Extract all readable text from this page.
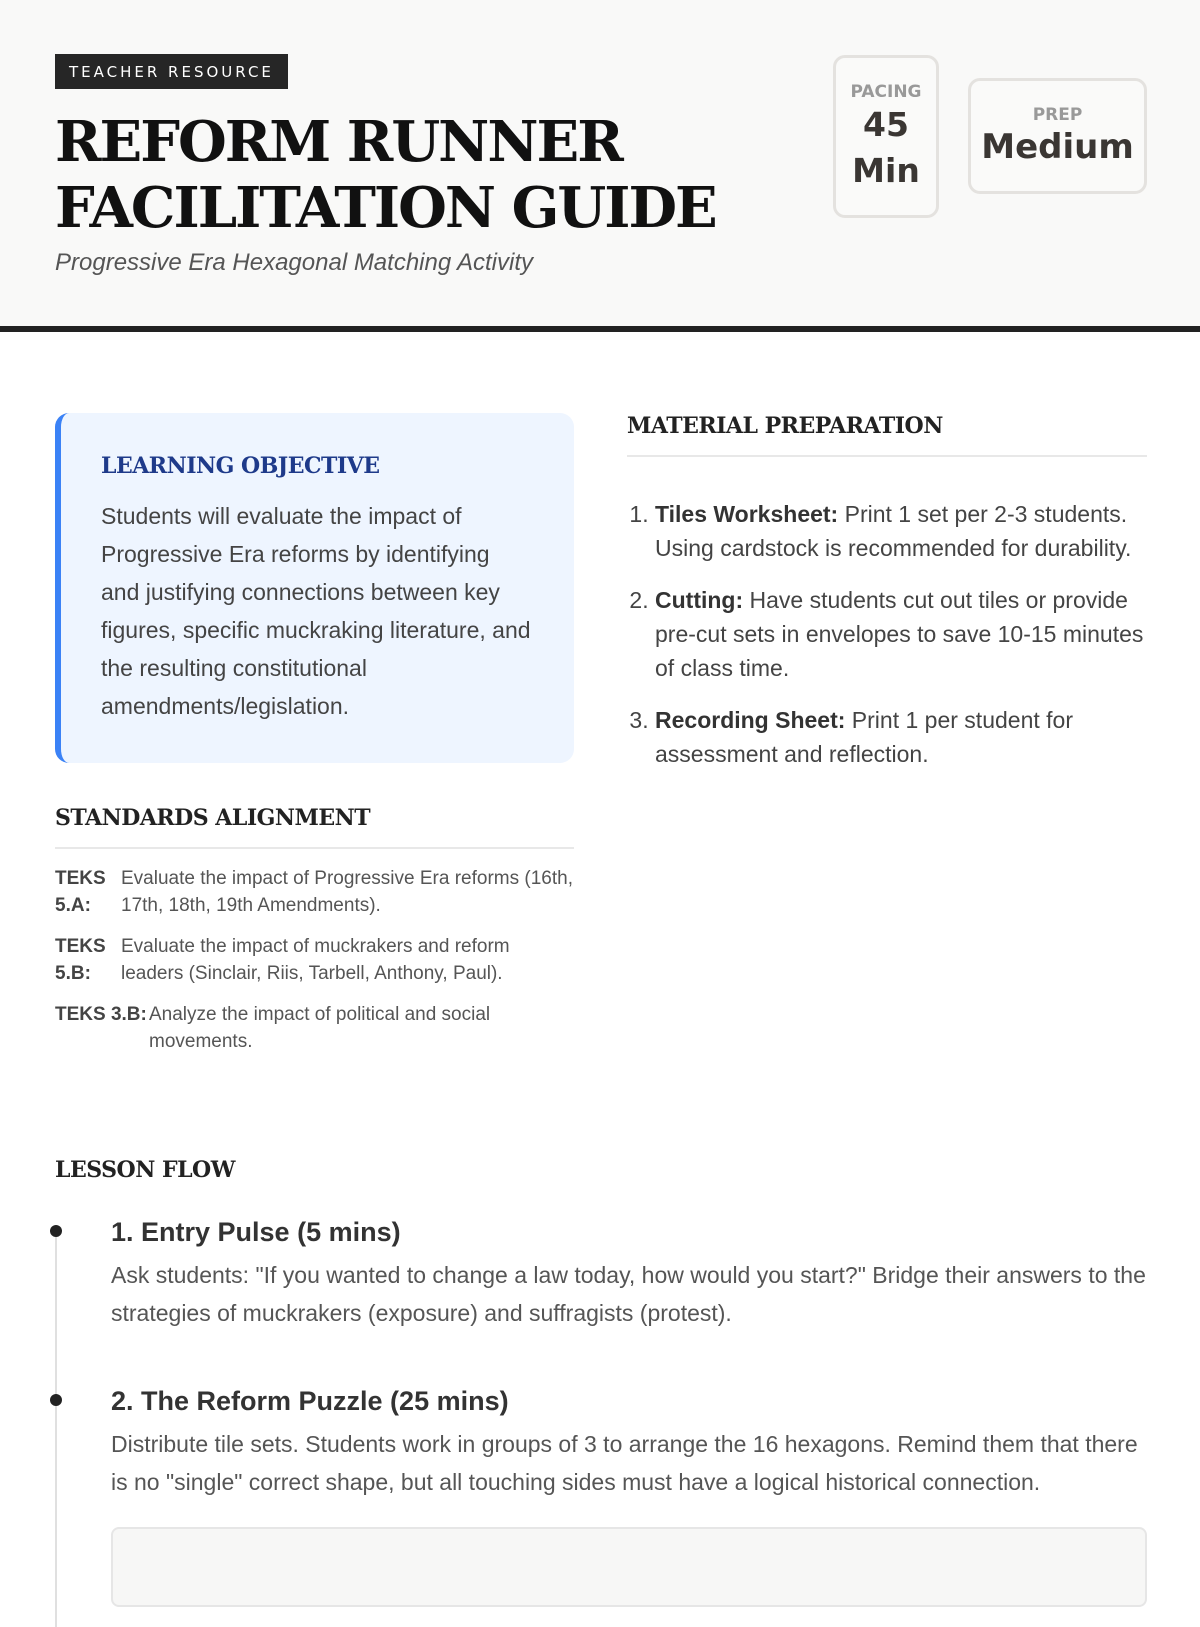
TEACHER RESOURCE
REFORM RUNNER
FACILITATION GUIDE
Progressive Era Hexagonal Matching Activity
PACING
45
Min
PREP
Medium
LEARNING OBJECTIVE

Students will evaluate the impact of Progressive Era reforms by identifying and justifying connections between key figures, specific muckraking literature, and the resulting constitutional amendments/legislation.

STANDARDS ALIGNMENT
TEKS 5.A:
Evaluate the impact of Progressive Era reforms (16th, 17th, 18th, 19th Amendments).
TEKS 5.B:
Evaluate the impact of muckrakers and reform leaders (Sinclair, Riis, Tarbell, Anthony, Paul).
TEKS 3.B: Analyze the impact of political and social movements.
MATERIAL PREPARATION
1. Tiles Worksheet: Print 1 set per 2-3 students. Using cardstock is recommended for durability.
2. Cutting: Have students cut out tiles or provide pre-cut sets in envelopes to save 10-15 minutes of class time.
3. Recording Sheet: Print 1 per student for assessment and reflection.
LESSON FLOW
1. Entry Pulse (5 mins)

Ask students: "If you wanted to change a law today, how would you start?" Bridge their answers to the strategies of muckrakers (exposure) and suffragists (protest).

2. The Reform Puzzle (25 mins)

Distribute tile sets. Students work in groups of 3 to arrange the 16 hexagons. Remind them that there is no "single" correct shape, but all touching sides must have a logical historical connection.
